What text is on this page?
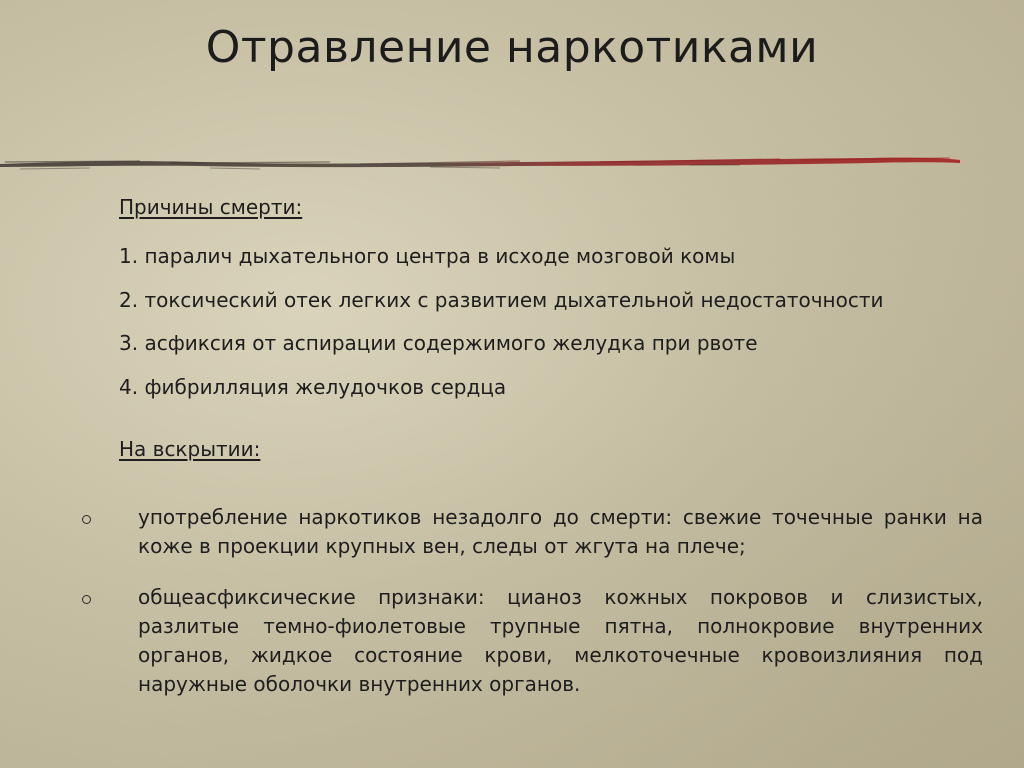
Отравление наркотиками
Причины смерти:
1. паралич дыхательного центра в исходе мозговой комы
2. токсический отек легких с развитием дыхательной недостаточности
3. асфиксия от аспирации содержимого желудка при рвоте
4. фибрилляция желудочков сердца
На вскрытии:
употребление наркотиков незадолго до смерти: свежие точечные ранки на коже в проекции крупных вен, следы от жгута на плече;
общеасфиксические признаки: цианоз кожных покровов и слизистых, разлитые темно-фиолетовые трупные пятна, полнокровие внутренних органов, жидкое состояние крови, мелкоточечные кровоизлияния под наружные оболочки внутренних органов.
